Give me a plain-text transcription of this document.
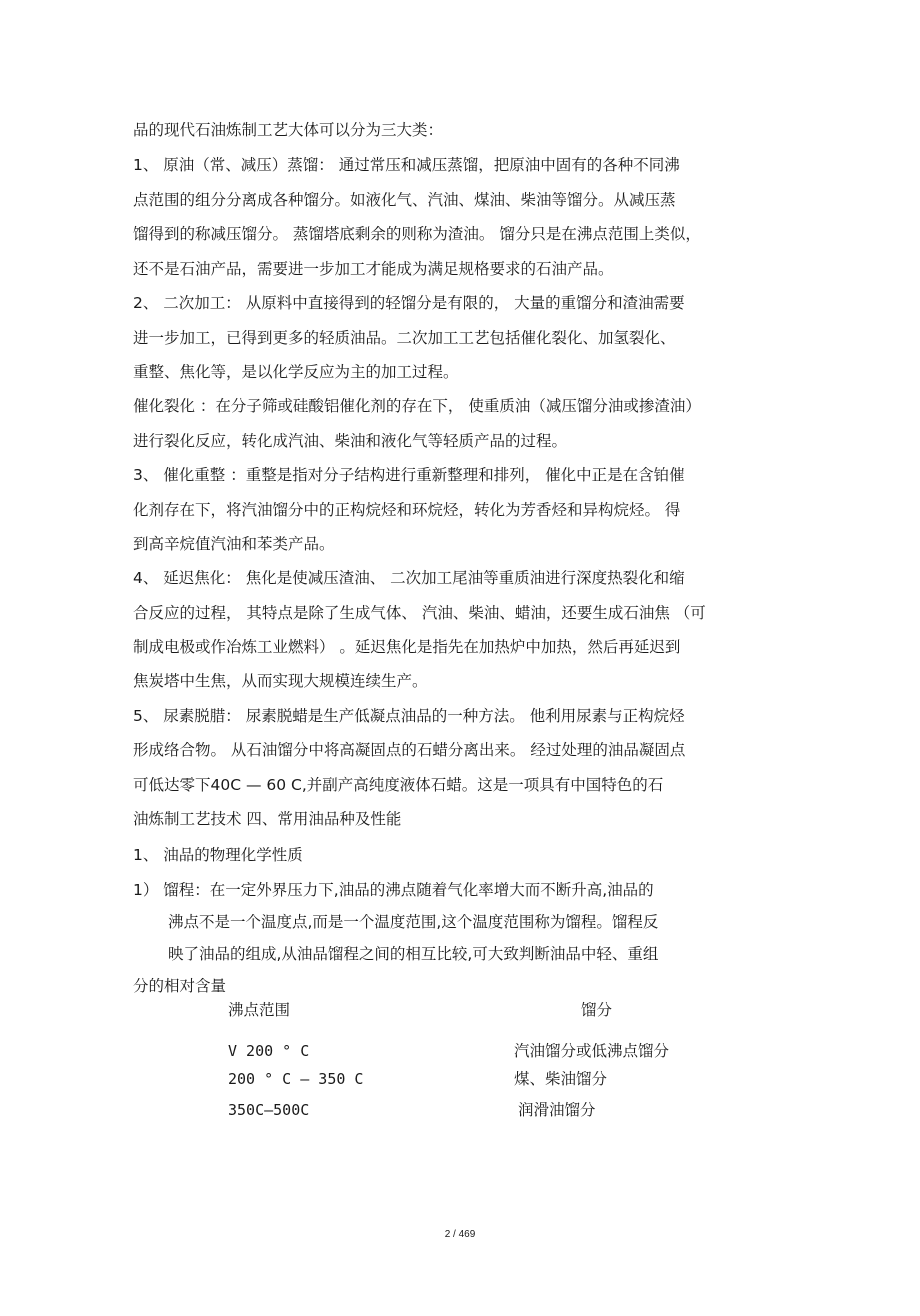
品的现代石油炼制工艺大体可以分为三大类：

1、 原油（常、减压）蒸馏： 通过常压和减压蒸馏，把原油中固有的各种不同沸

点范围的组分分离成各种馏分。如液化气、汽油、煤油、柴油等馏分。从减压蒸

馏得到的称减压馏分。 蒸馏塔底剩余的则称为渣油。 馏分只是在沸点范围上类似，

还不是石油产品，需要进一步加工才能成为满足规格要求的石油产品。

2、 二次加工： 从原料中直接得到的轻馏分是有限的， 大量的重馏分和渣油需要

进一步加工，已得到更多的轻质油品。二次加工工艺包括催化裂化、加氢裂化、

重整、焦化等，是以化学反应为主的加工过程。

催化裂化 ：在分子筛或硅酸铝催化剂的存在下， 使重质油（减压馏分油或掺渣油）

进行裂化反应，转化成汽油、柴油和液化气等轻质产品的过程。

3、 催化重整 ：重整是指对分子结构进行重新整理和排列， 催化中正是在含铂催

化剂存在下，将汽油馏分中的正构烷烃和环烷烃，转化为芳香烃和异构烷烃。 得

到高辛烷值汽油和苯类产品。

4、 延迟焦化： 焦化是使减压渣油、 二次加工尾油等重质油进行深度热裂化和缩

合反应的过程， 其特点是除了生成气体、 汽油、柴油、蜡油，还要生成石油焦 （可

制成电极或作冶炼工业燃料） 。延迟焦化是指先在加热炉中加热，然后再延迟到

焦炭塔中生焦，从而实现大规模连续生产。

5、 尿素脱腊： 尿素脱蜡是生产低凝点油品的一种方法。 他利用尿素与正构烷烃

形成络合物。 从石油馏分中将高凝固点的石蜡分离出来。 经过处理的油品凝固点

可低达零下40C — 60 C,并副产高纯度液体石蜡。这是一项具有中国特色的石

油炼制工艺技术 四、常用油品种及性能

1、 油品的物理化学性质

1） 馏程：在一定外界压力下,油品的沸点随着气化率增大而不断升高,油品的

沸点不是一个温度点,而是一个温度范围,这个温度范围称为馏程。馏程反

映了油品的组成,从油品馏程之间的相互比较,可大致判断油品中轻、重组

分的相对含量

沸点范围	馏分

V 200 ° C	汽油馏分或低沸点馏分

200 ° C — 350 C	煤、柴油馏分

350C—500C	润滑油馏分

2 / 469
